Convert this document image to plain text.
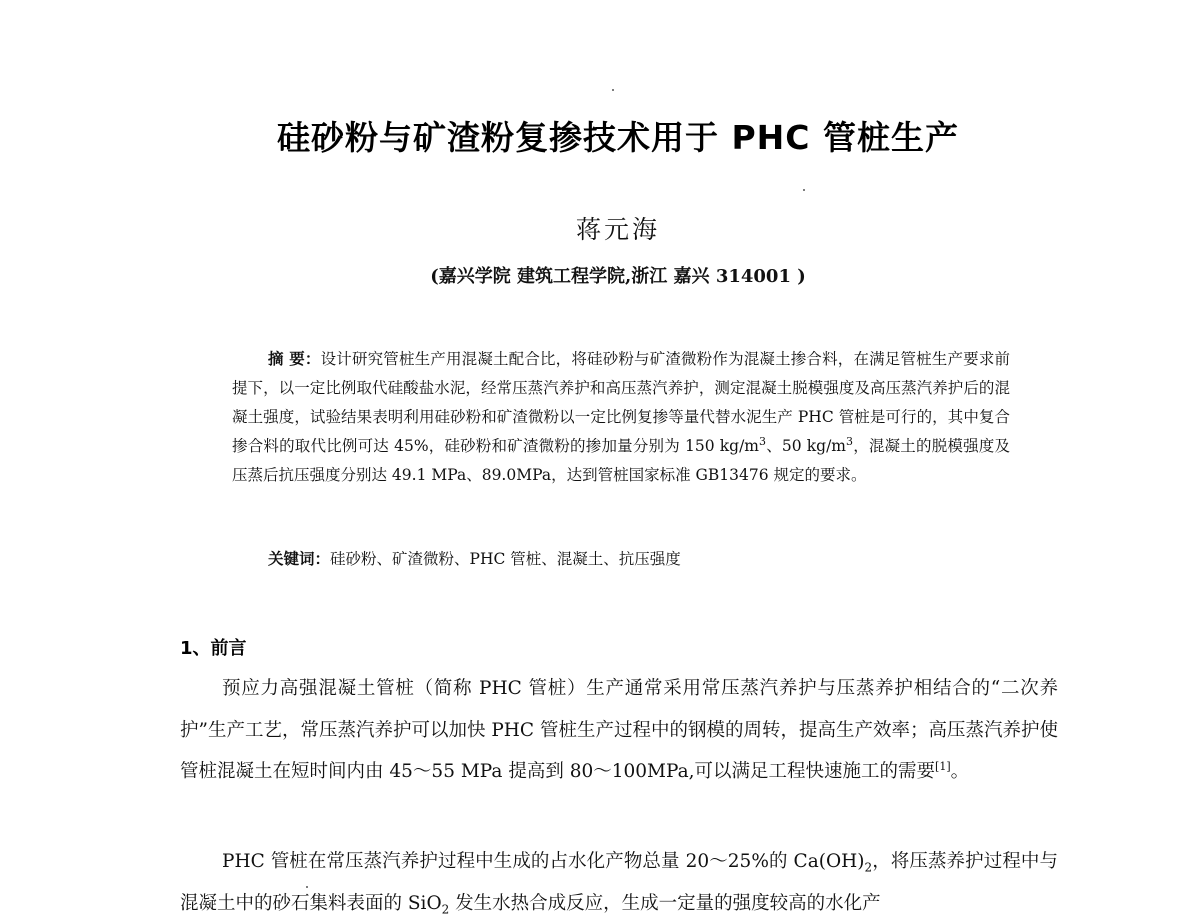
硅砂粉与矿渣粉复掺技术用于 PHC 管桩生产
蒋元海
(嘉兴学院 建筑工程学院,浙江 嘉兴 314001 )
摘 要：设计研究管桩生产用混凝土配合比，将硅砂粉与矿渣微粉作为混凝土掺合料，在满足管桩生产要求前提下，以一定比例取代硅酸盐水泥，经常压蒸汽养护和高压蒸汽养护，测定混凝土脱模强度及高压蒸汽养护后的混凝土强度，试验结果表明利用硅砂粉和矿渣微粉以一定比例复掺等量代替水泥生产 PHC 管桩是可行的，其中复合掺合料的取代比例可达 45%，硅砂粉和矿渣微粉的掺加量分别为 150 $kg/m^3$、50 $kg/m^3$，混凝土的脱模强度及压蒸后抗压强度分别达 49.1 MPa、89.0MPa，达到管桩国家标准 GB13476 规定的要求。
关键词：硅砂粉、矿渣微粉、PHC 管桩、混凝土、抗压强度
1、前言
预应力高强混凝土管桩（简称 PHC 管桩）生产通常采用常压蒸汽养护与压蒸养护相结合的“二次养护”生产工艺，常压蒸汽养护可以加快 PHC 管桩生产过程中的钢模的周转，提高生产效率；高压蒸汽养护使管桩混凝土在短时间内由 45～55 MPa 提高到 80～100MPa,可以满足工程快速施工的需要[1]。
PHC 管桩在常压蒸汽养护过程中生成的占水化产物总量 20～25%的 $Ca(OH)_2$，将压蒸养护过程中与混凝土中的砂石集料表面的 SiO$_2$ 发生水热合成反应，生成一定量的强度较高的水化产
